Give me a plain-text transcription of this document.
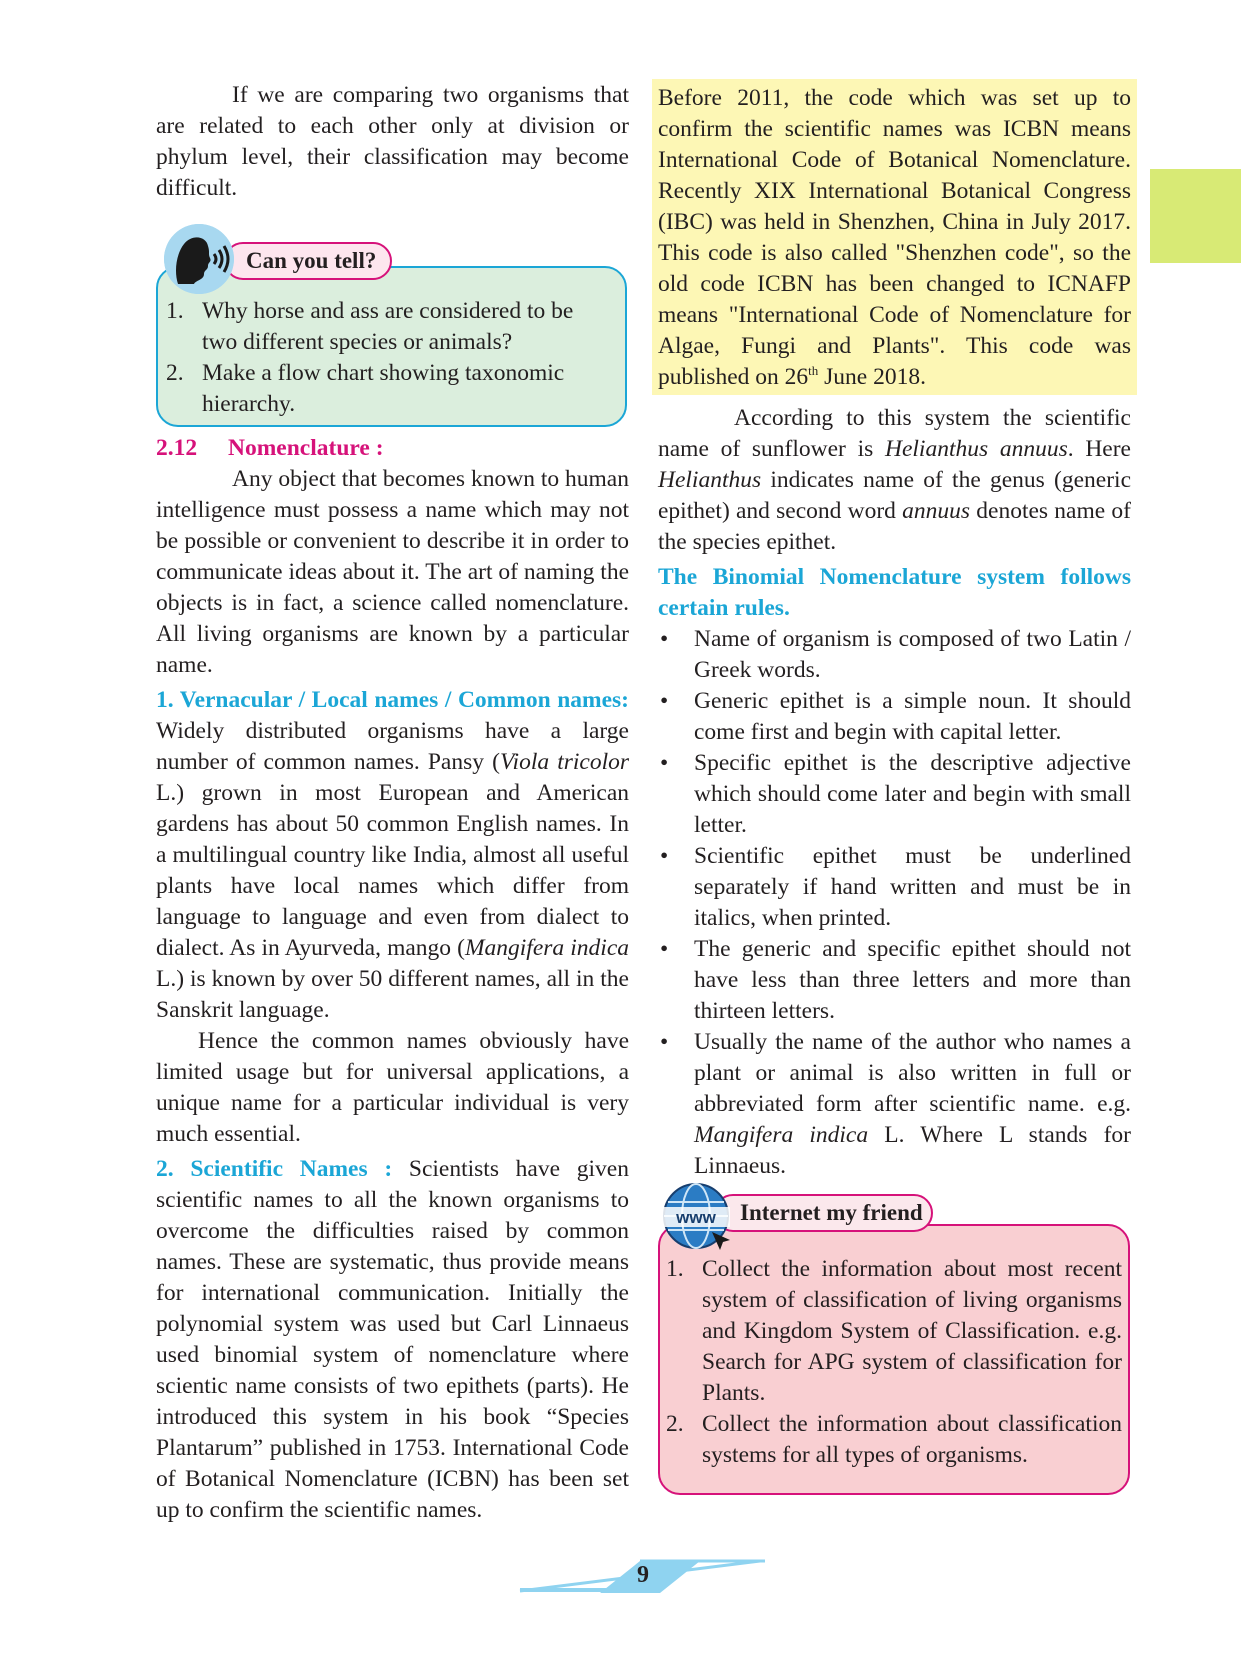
If we are comparing two organisms that are related to each other only at division or phylum level, their classification may become difficult.

Can you tell?
1. Why horse and ass are considered to be two different species or animals?
2. Make a flow chart showing taxonomic hierarchy.
2.12 Nomenclature :

Any object that becomes known to human intelligence must possess a name which may not be possible or convenient to describe it in order to communicate ideas about it. The art of naming the objects is in fact, a science called nomenclature. All living organisms are known by a particular name.

1. Vernacular / Local names / Common names: Widely distributed organisms have a large number of common names. Pansy (Viola tricolor L.) grown in most European and American gardens has about 50 common English names. In a multilingual country like India, almost all useful plants have local names which differ from language to language and even from dialect to dialect. As in Ayurveda, mango (Mangifera indica L.) is known by over 50 different names, all in the Sanskrit language.

Hence the common names obviously have limited usage but for universal applications, a unique name for a particular individual is very much essential.

2. Scientific Names : Scientists have given scientific names to all the known organisms to overcome the difficulties raised by common names. These are systematic, thus provide means for international communication. Initially the polynomial system was used but Carl Linnaeus used binomial system of nomenclature where scientic name consists of two epithets (parts). He introduced this system in his book “Species Plantarum” published in 1753. International Code of Botanical Nomenclature (ICBN) has been set up to confirm the scientific names.

Before 2011, the code which was set up to confirm the scientific names was ICBN means International Code of Botanical Nomenclature. Recently XIX International Botanical Congress (IBC) was held in Shenzhen, China in July 2017. This code is also called "Shenzhen code", so the old code ICBN has been changed to ICNAFP means "International Code of Nomenclature for Algae, Fungi and Plants". This code was published on 26th June 2018.

According to this system the scientific name of sunflower is Helianthus annuus. Here Helianthus indicates name of the genus (generic epithet) and second word annuus denotes name of the species epithet.

The Binomial Nomenclature system follows certain rules.

• Name of organism is composed of two Latin / Greek words.
• Generic epithet is a simple noun. It should come first and begin with capital letter.
• Specific epithet is the descriptive adjective which should come later and begin with small letter.
• Scientific epithet must be underlined separately if hand written and must be in italics, when printed.
• The generic and specific epithet should not have less than three letters and more than thirteen letters.
• Usually the name of the author who names a plant or animal is also written in full or abbreviated form after scientific name. e.g. Mangifera indica L. Where L stands for Linnaeus.
www	Internet my friend
1. Collect the information about most recent system of classification of living organisms and Kingdom System of Classification. e.g. Search for APG system of classification for Plants.
2. Collect the information about classification systems for all types of organisms.
9
